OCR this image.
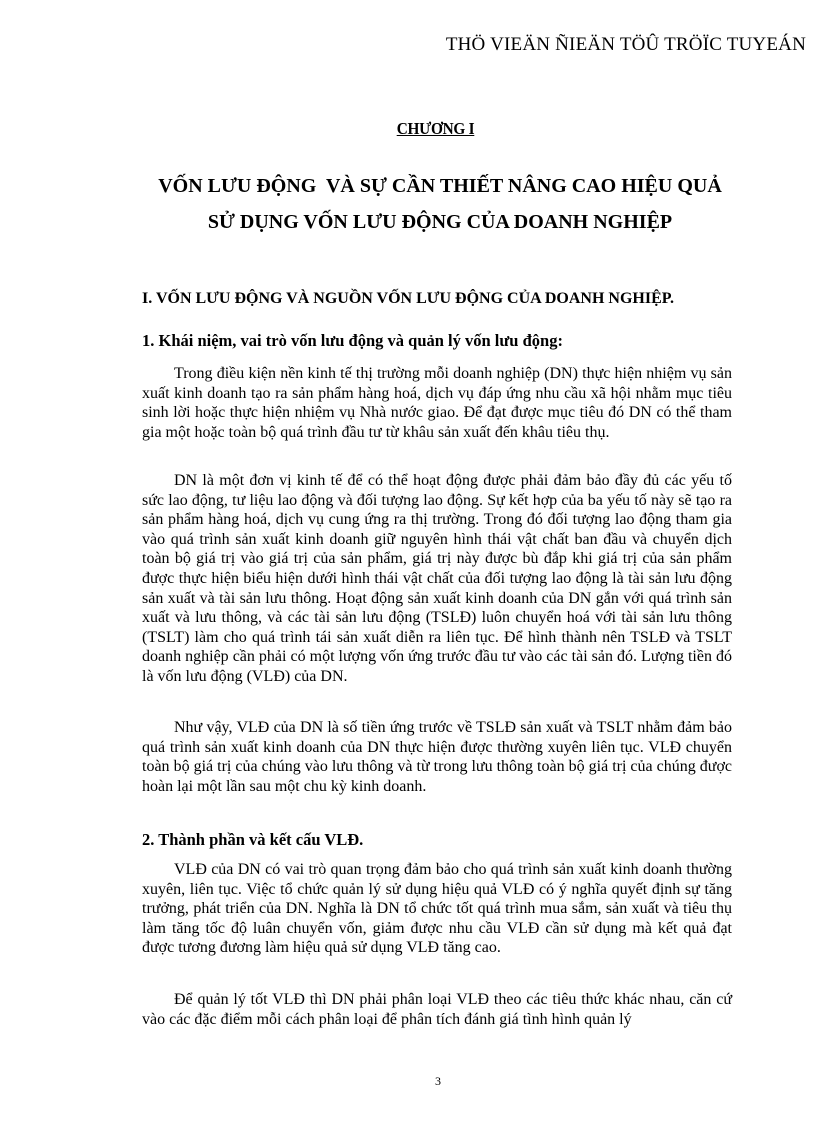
THÖ VIEÄN ÑIEÄN TÖÛ TRÖÏC TUYEÁN
CHƯƠNG I
VỐN LƯU ĐỘNG  VÀ SỰ CẦN THIẾT NÂNG CAO HIỆU QUẢ
SỬ DỤNG VỐN LƯU ĐỘNG CỦA DOANH NGHIỆP
I. VỐN LƯU ĐỘNG VÀ NGUỒN VỐN LƯU ĐỘNG CỦA DOANH NGHIỆP.
1. Khái niệm, vai trò vốn lưu động và quản lý vốn lưu động:

Trong điều kiện nền kinh tế thị trường mỗi doanh nghiệp (DN) thực hiện nhiệm vụ sản xuất kinh doanh tạo ra sản phẩm hàng hoá, dịch vụ đáp ứng nhu cầu xã hội nhằm mục tiêu sinh lời hoặc thực hiện nhiệm vụ Nhà nước giao. Để đạt được mục tiêu đó DN có thể tham gia một hoặc toàn bộ quá trình đầu tư từ khâu sản xuất đến khâu tiêu thụ.

DN là một đơn vị kinh tế để có thể hoạt động được phải đảm bảo đầy đủ các yếu tố sức lao động, tư liệu lao động và đối tượng lao động. Sự kết hợp của ba yếu tố này sẽ tạo ra sản phẩm hàng hoá, dịch vụ cung ứng ra thị trường. Trong đó đối tượng lao động tham gia vào quá trình sản xuất kinh doanh giữ nguyên hình thái vật chất ban đầu và chuyển dịch toàn bộ giá trị vào giá trị của sản phẩm, giá trị này được bù đắp khi giá trị của sản phẩm được thực hiện biểu hiện dưới hình thái vật chất của đối tượng lao động là tài sản lưu động sản xuất và tài sản lưu thông. Hoạt động sản xuất kinh doanh của DN gắn với quá trình sản xuất và lưu thông, và các tài sản lưu động (TSLĐ) luôn chuyển hoá với tài sản lưu thông (TSLT) làm cho quá trình tái sản xuất diễn ra liên tục. Để hình thành nên TSLĐ và TSLT doanh nghiệp cần phải có một lượng vốn ứng trước đầu tư vào các tài sản đó. Lượng tiền đó là vốn lưu động (VLĐ) của DN.

Như vậy, VLĐ của DN là số tiền ứng trước về TSLĐ sản xuất và TSLT nhằm đảm bảo quá trình sản xuất kinh doanh của DN thực hiện được thường xuyên liên tục. VLĐ chuyển toàn bộ giá trị của chúng vào lưu thông và từ trong lưu thông toàn bộ giá trị của chúng được hoàn lại một lần sau một chu kỳ kinh doanh.

2. Thành phần và kết cấu VLĐ.

VLĐ của DN có vai trò quan trọng đảm bảo cho quá trình sản xuất kinh doanh thường xuyên, liên tục. Việc tổ chức quản lý sử dụng hiệu quả VLĐ có ý nghĩa quyết định sự tăng trưởng, phát triển của DN. Nghĩa là DN tổ chức tốt quá trình mua sắm, sản xuất và tiêu thụ làm tăng tốc độ luân chuyển vốn, giảm được nhu cầu VLĐ cần sử dụng mà kết quả đạt được tương đương làm hiệu quả sử dụng VLĐ tăng cao.

Để quản lý tốt VLĐ thì DN phải phân loại VLĐ theo các tiêu thức khác nhau, căn cứ vào các đặc điểm mỗi cách phân loại để phân tích đánh giá tình hình quản lý

3
